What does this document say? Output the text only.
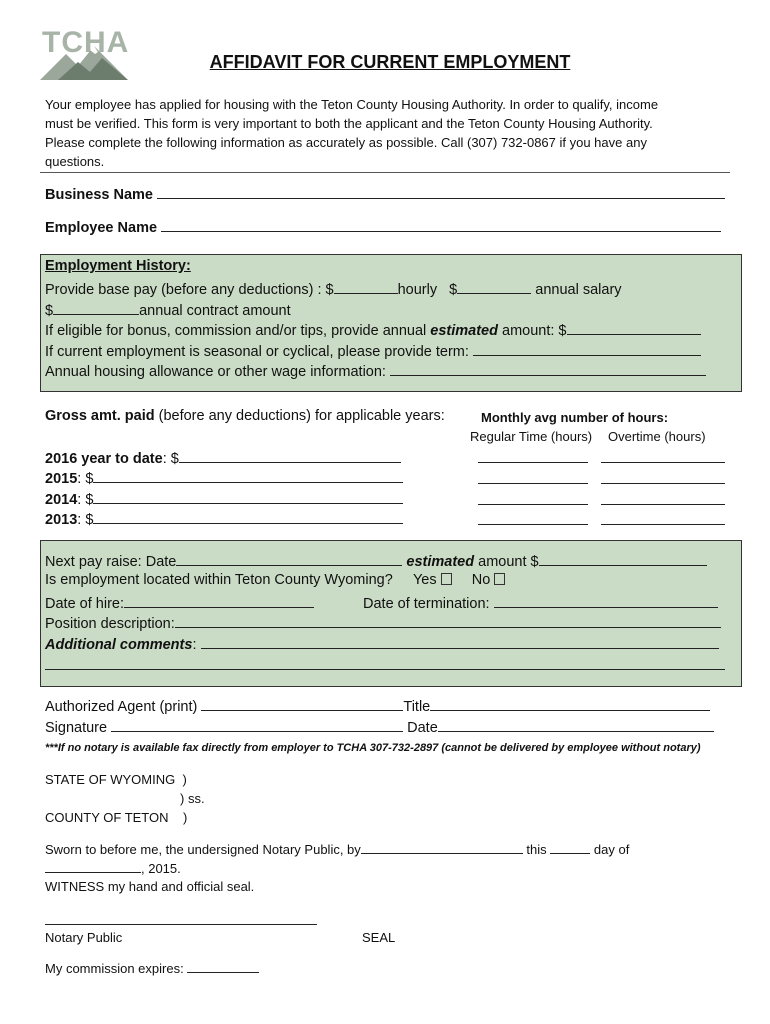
TCHA
AFFIDAVIT FOR CURRENT EMPLOYMENT
Your employee has applied for housing with the Teton County Housing Authority. In order to qualify, income
must be verified. This form is very important to both the applicant and the Teton County Housing Authority.
Please complete the following information as accurately as possible. Call (307) 732-0867 if you have any
questions.
Business Name
Employee Name
Employment History:
Provide base pay (before any deductions) : $	hourly $	annual salary
$	annual contract amount
If eligible for bonus, commission and/or tips, provide annual estimated amount: $
If current employment is seasonal or cyclical, please provide term:
Annual housing allowance or other wage information:
Gross amt. paid (before any deductions) for applicable years:	Monthly avg number of hours:
Regular Time (hours) Overtime (hours)
2016 year to date: $
2015: $
2014: $
2013: $
Next pay raise: Date	estimated amount $
Is employment located within Teton County Wyoming? Yes No
Date of hire:	Date of termination:
Position description:
Additional comments:
Authorized Agent (print)	Title
Signature	Date
***If no notary is available fax directly from employer to TCHA 307-732-2897 (cannot be delivered by employee without notary)
STATE OF WYOMING  )
) ss.
COUNTY OF TETON    )
Sworn to before me, the undersigned Notary Public, by	this	day of
, 2015.
WITNESS my hand and official seal.
Notary Public	SEAL
My commission expires:
